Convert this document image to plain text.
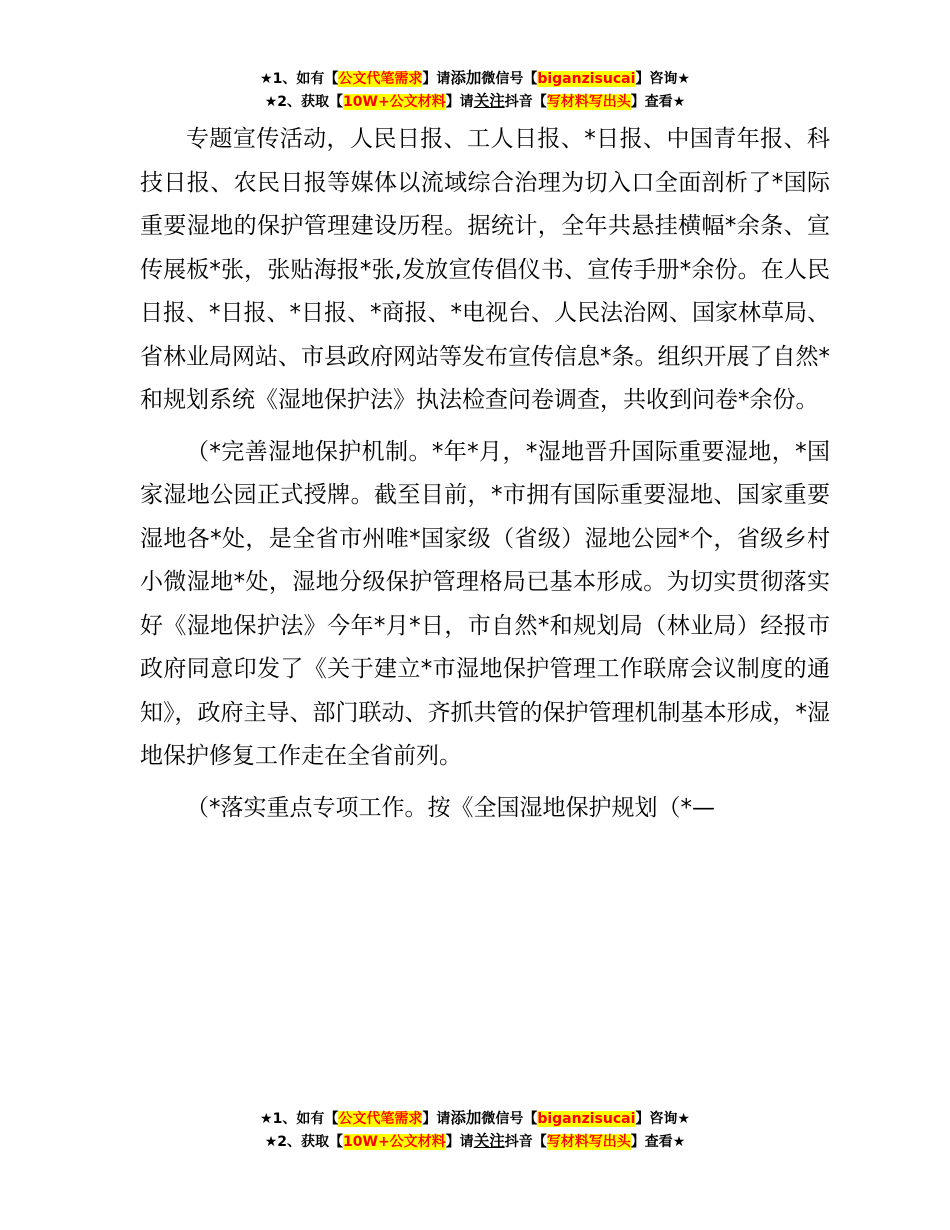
★1、如有【公文代笔需求】请添加微信号【biganzisucai】咨询★
★2、获取【10W+公文材料】请关注抖音【写材料写出头】查看★

专题宣传活动，人民日报、工人日报、*日报、中国青年报、科技日报、农民日报等媒体以流域综合治理为切入口全面剖析了*国际重要湿地的保护管理建设历程。据统计，全年共悬挂横幅*余条、宣传展板*张，张贴海报*张,发放宣传倡仪书、宣传手册*余份。在人民日报、*日报、*日报、*商报、*电视台、人民法治网、国家林草局、省林业局网站、市县政府网站等发布宣传信息*条。组织开展了自然*和规划系统《湿地保护法》执法检查问卷调查，共收到问卷*余份。

（*完善湿地保护机制。*年*月，*湿地晋升国际重要湿地，*国家湿地公园正式授牌。截至目前，*市拥有国际重要湿地、国家重要湿地各*处，是全省市州唯*国家级（省级）湿地公园*个，省级乡村小微湿地*处，湿地分级保护管理格局已基本形成。为切实贯彻落实好《湿地保护法》今年*月*日，市自然*和规划局（林业局）经报市政府同意印发了《关于建立*市湿地保护管理工作联席会议制度的通知》，政府主导、部门联动、齐抓共管的保护管理机制基本形成，*湿地保护修复工作走在全省前列。

（*落实重点专项工作。按《全国湿地保护规划（*—

★1、如有【公文代笔需求】请添加微信号【biganzisucai】咨询★
★2、获取【10W+公文材料】请关注抖音【写材料写出头】查看★
